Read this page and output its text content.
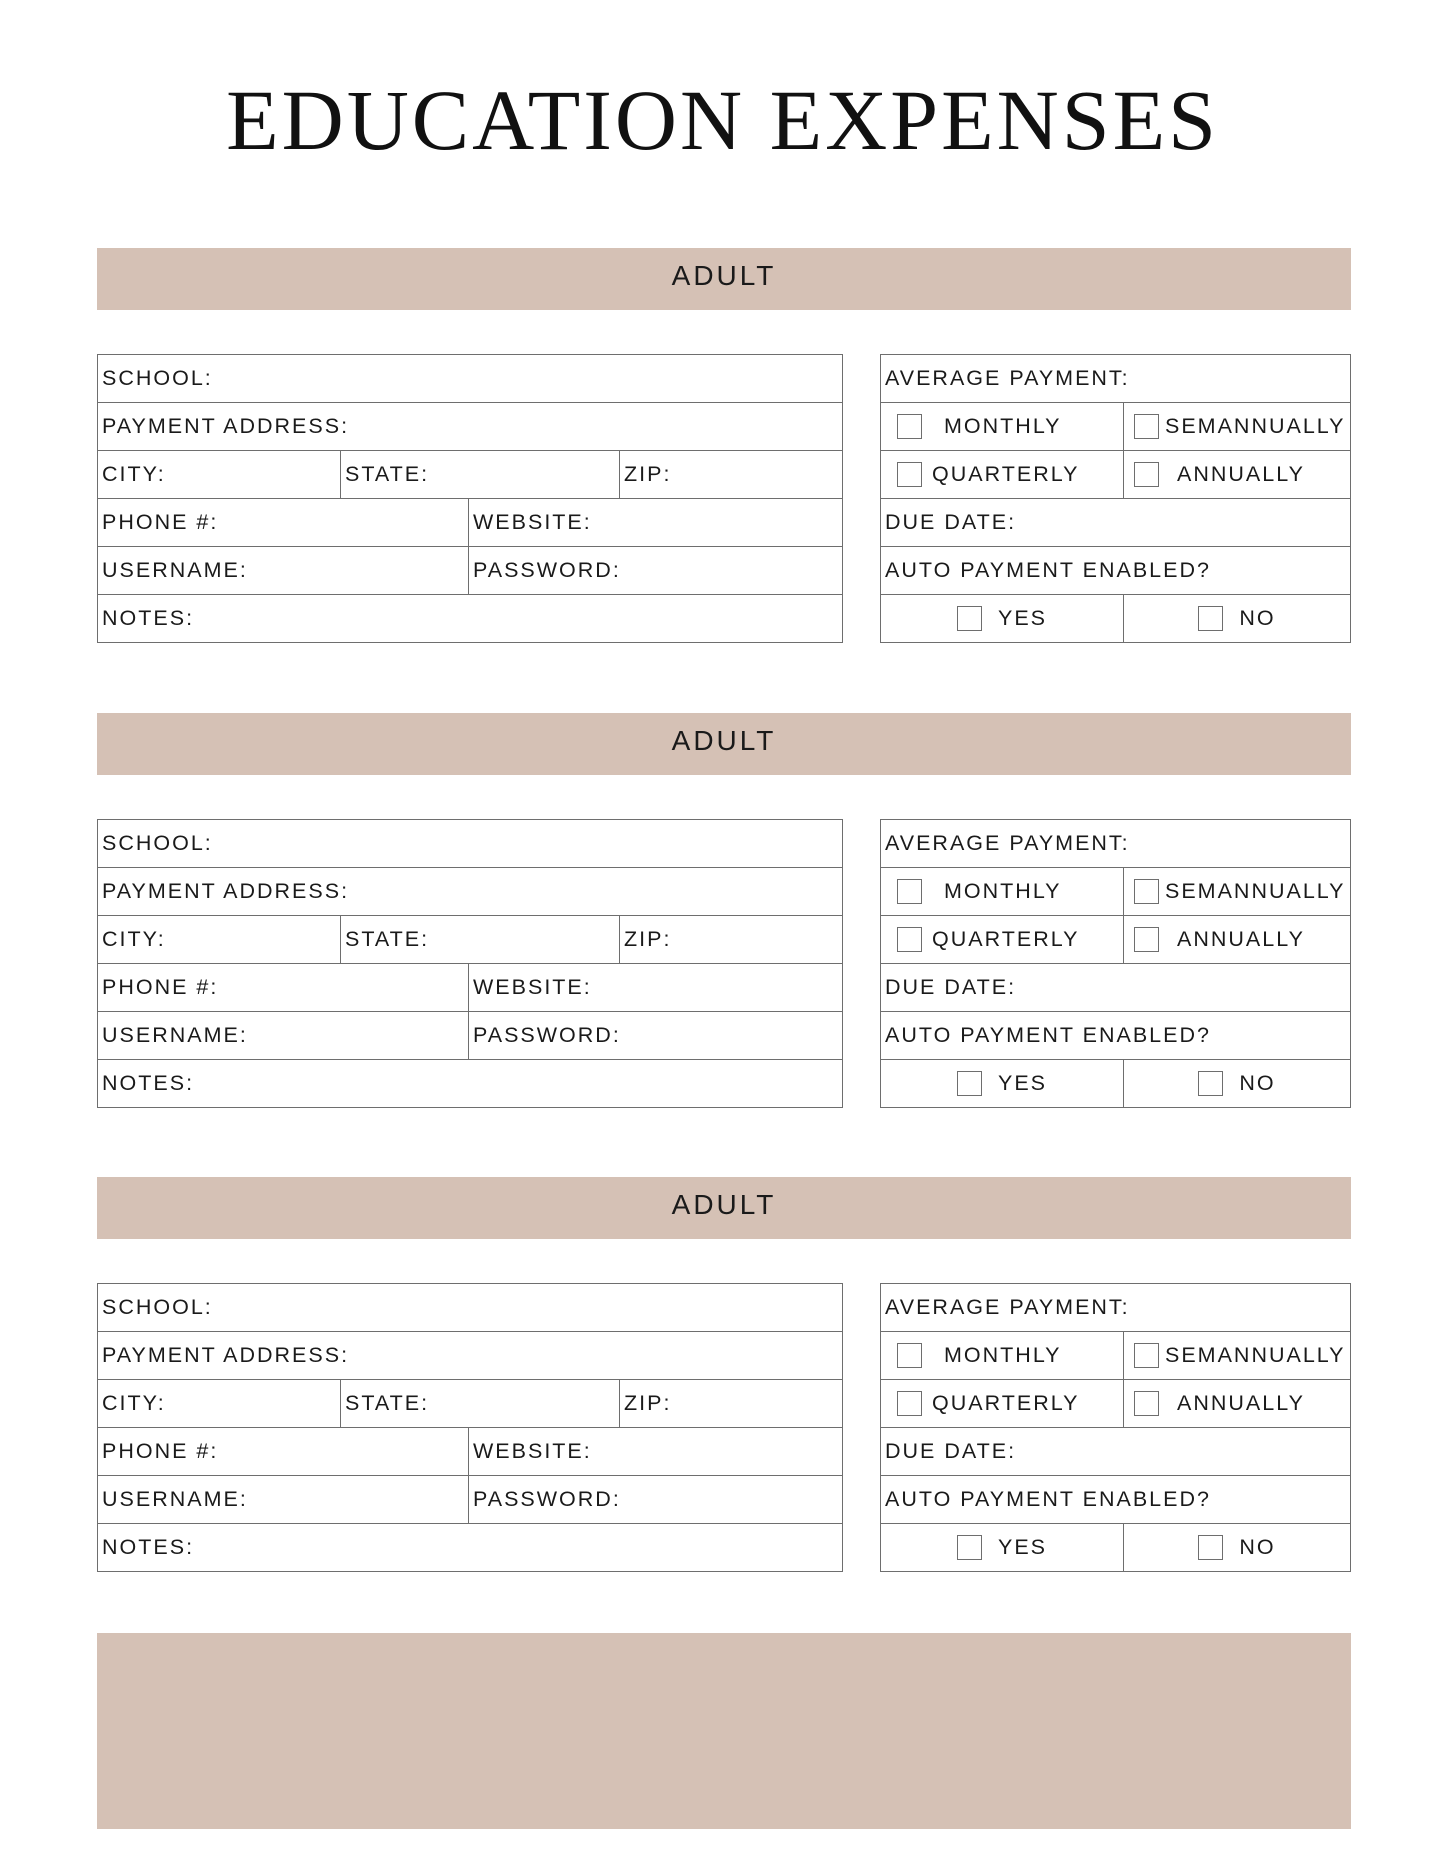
EDUCATION EXPENSES
ADULT
SCHOOL:			
PAYMENT ADDRESS:			
CITY:	STATE:		ZIP:
PHONE #:		WEBSITE:	
USERNAME:		PASSWORD:	
NOTES:			
AVERAGE PAYMENT:	
MONTHLY	SEMANNUALLY
QUARTERLY	ANNUALLY
DUE DATE:	
AUTO PAYMENT ENABLED?	
YES	NO
ADULT
SCHOOL:			
PAYMENT ADDRESS:			
CITY:	STATE:		ZIP:
PHONE #:		WEBSITE:	
USERNAME:		PASSWORD:	
NOTES:			
AVERAGE PAYMENT:	
MONTHLY	SEMANNUALLY
QUARTERLY	ANNUALLY
DUE DATE:	
AUTO PAYMENT ENABLED?	
YES	NO
ADULT
SCHOOL:			
PAYMENT ADDRESS:			
CITY:	STATE:		ZIP:
PHONE #:		WEBSITE:	
USERNAME:		PASSWORD:	
NOTES:			
AVERAGE PAYMENT:	
MONTHLY	SEMANNUALLY
QUARTERLY	ANNUALLY
DUE DATE:	
AUTO PAYMENT ENABLED?	
YES	NO
